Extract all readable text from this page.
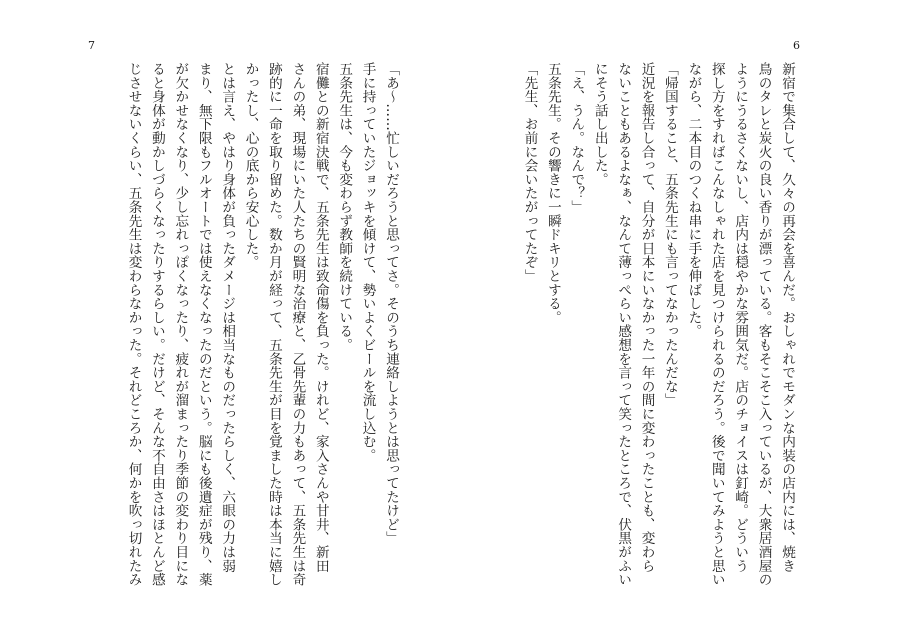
7	6
新宿で集合して、久々の再会を喜んだ。おしゃれでモダンな内装の店内には、焼き
鳥のタレと炭火の良い香りが漂っている。客もそこそこ入っているが、大衆居酒屋の
ようにうるさくないし、店内は穏やかな雰囲気だ。店のチョイスは釘崎。どういう
探し方をすればこんなしゃれた店を見つけられるのだろう。後で聞いてみようと思い
ながら、二本目のつくね串に手を伸ばした。
「帰国すること、五条先生にも言ってなかったんだな」
近況を報告し合って、自分が日本にいなかった一年の間に変わったことも、変わら
ないこともあるよなぁ、なんて薄っぺらい感想を言って笑ったところで、伏黒がふい
にそう話し出した。
「え、うん。なんで？」
五条先生。その響きに一瞬ドキリとする。
「先生、お前に会いたがってたぞ」
「あ〜……忙しいだろうと思ってさ。そのうち連絡しようとは思ってたけど」
手に持っていたジョッキを傾けて、勢いよくビールを流し込む。
五条先生は、今も変わらず教師を続けている。
宿儺との新宿決戦で、五条先生は致命傷を負った。けれど、家入さんや甘井、新田
さんの弟、現場にいた人たちの賢明な治療と、乙骨先輩の力もあって、五条先生は奇
跡的に一命を取り留めた。数か月が経って、五条先生が目を覚ました時は本当に嬉し
かったし、心の底から安心した。
とは言え、やはり身体が負ったダメージは相当なものだったらしく、六眼の力は弱
まり、無下限もフルオートでは使えなくなったのだという。脳にも後遺症が残り、薬
が欠かせなくなり、少し忘れっぽくなったり、疲れが溜まったり季節の変わり目にな
ると身体が動かしづらくなったりするらしい。だけど、そんな不自由さはほとんど感
じさせないくらい、五条先生は変わらなかった。それどころか、何かを吹っ切れたみ
